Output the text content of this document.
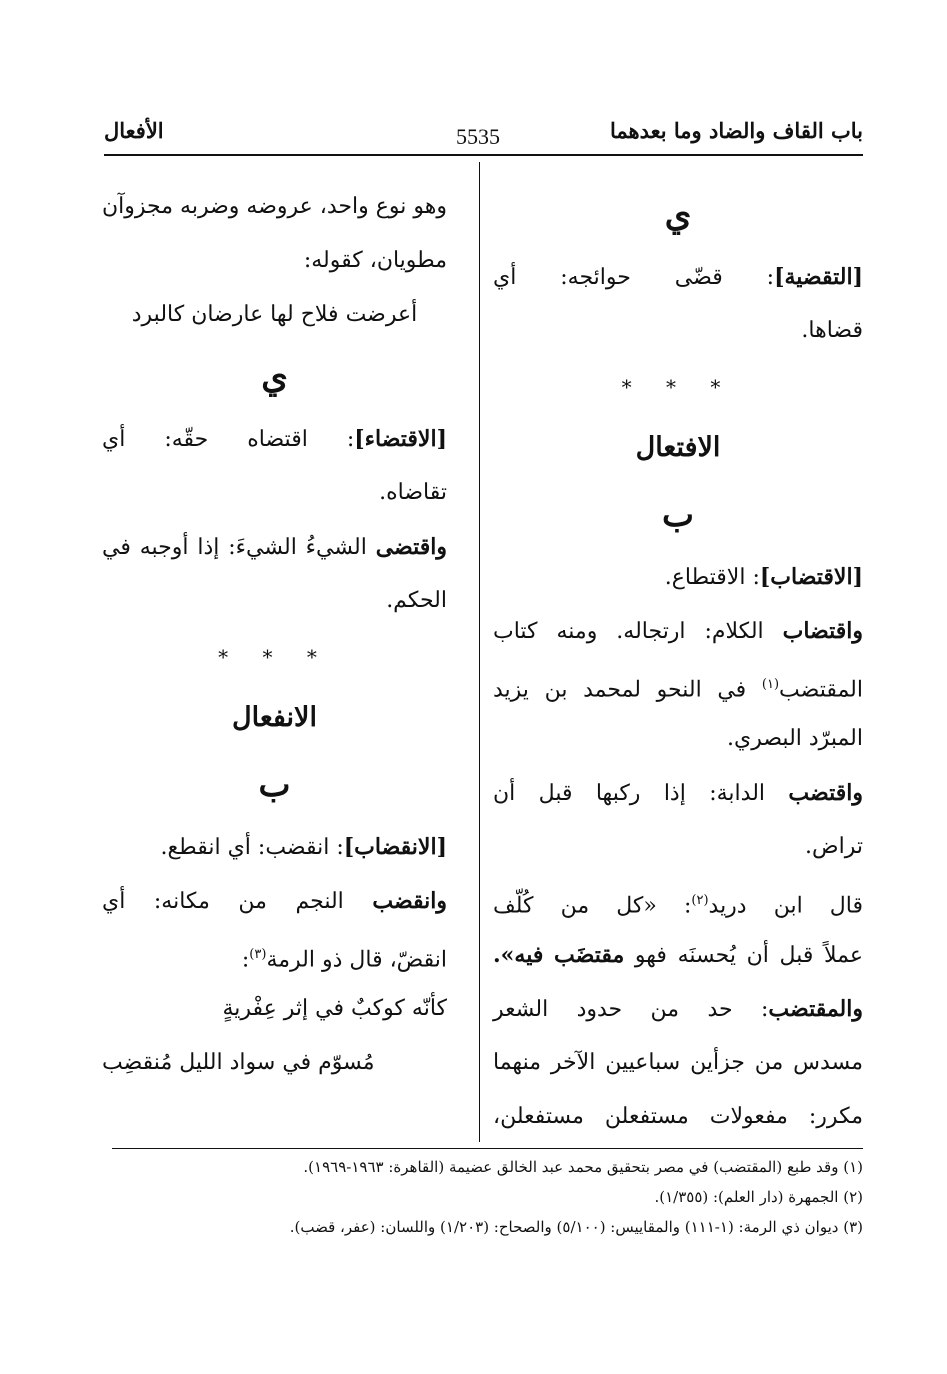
باب القاف والضاد وما بعدهما
5535
الأفعال
ي
[التقضية]: قضّى حوائجه: أي
قضاها.
* * *
الافتعال
ب
[الاقتضاب]: الاقتطاع.
واقتضاب الكلام: ارتجاله. ومنه كتاب
المقتضب$^{(١)}$ في النحو لمحمد بن يزيد
المبرّد البصري.
واقتضب الدابة: إذا ركبها قبل أن
تراض.
قال ابن دريد$^{(٢)}$: «كل من كُلّف
عملاً قبل أن يُحسنَه فهو مقتضَب فيه».
والمقتضب: حد من حدود الشعر
مسدس من جزأين سباعيين الآخر منهما
مكرر: مفعولات مستفعلن مستفعلن،
وهو نوع واحد، عروضه وضربه مجزوآن
مطويان، كقوله:
أعرضت فلاح لها عارضان كالبرد
ي
[الاقتضاء]: اقتضاه حقّه: أي
تقاضاه.
واقتضى الشيءُ الشيءَ: إذا أوجبه في
الحكم.
* * *
الانفعال
ب
[الانقضاب]: انقضب: أي انقطع.
وانقضب النجم من مكانه: أي
انقضّ، قال ذو الرمة$^{(٣)}$:
كأنّه كوكبٌ في إثر عِفْريةٍ
مُسوّم في سواد الليل مُنقضِب
(١) وقد طبع (المقتضب) في مصر بتحقيق محمد عبد الخالق عضيمة (القاهرة: ١٩٦٣-١٩٦٩).
(٢) الجمهرة (دار العلم): (١/٣٥٥).
(٣) ديوان ذي الرمة: (١-١١١) والمقاييس: (٥/١٠٠) والصحاح: (١/٢٠٣) واللسان: (عفر، قضب).
